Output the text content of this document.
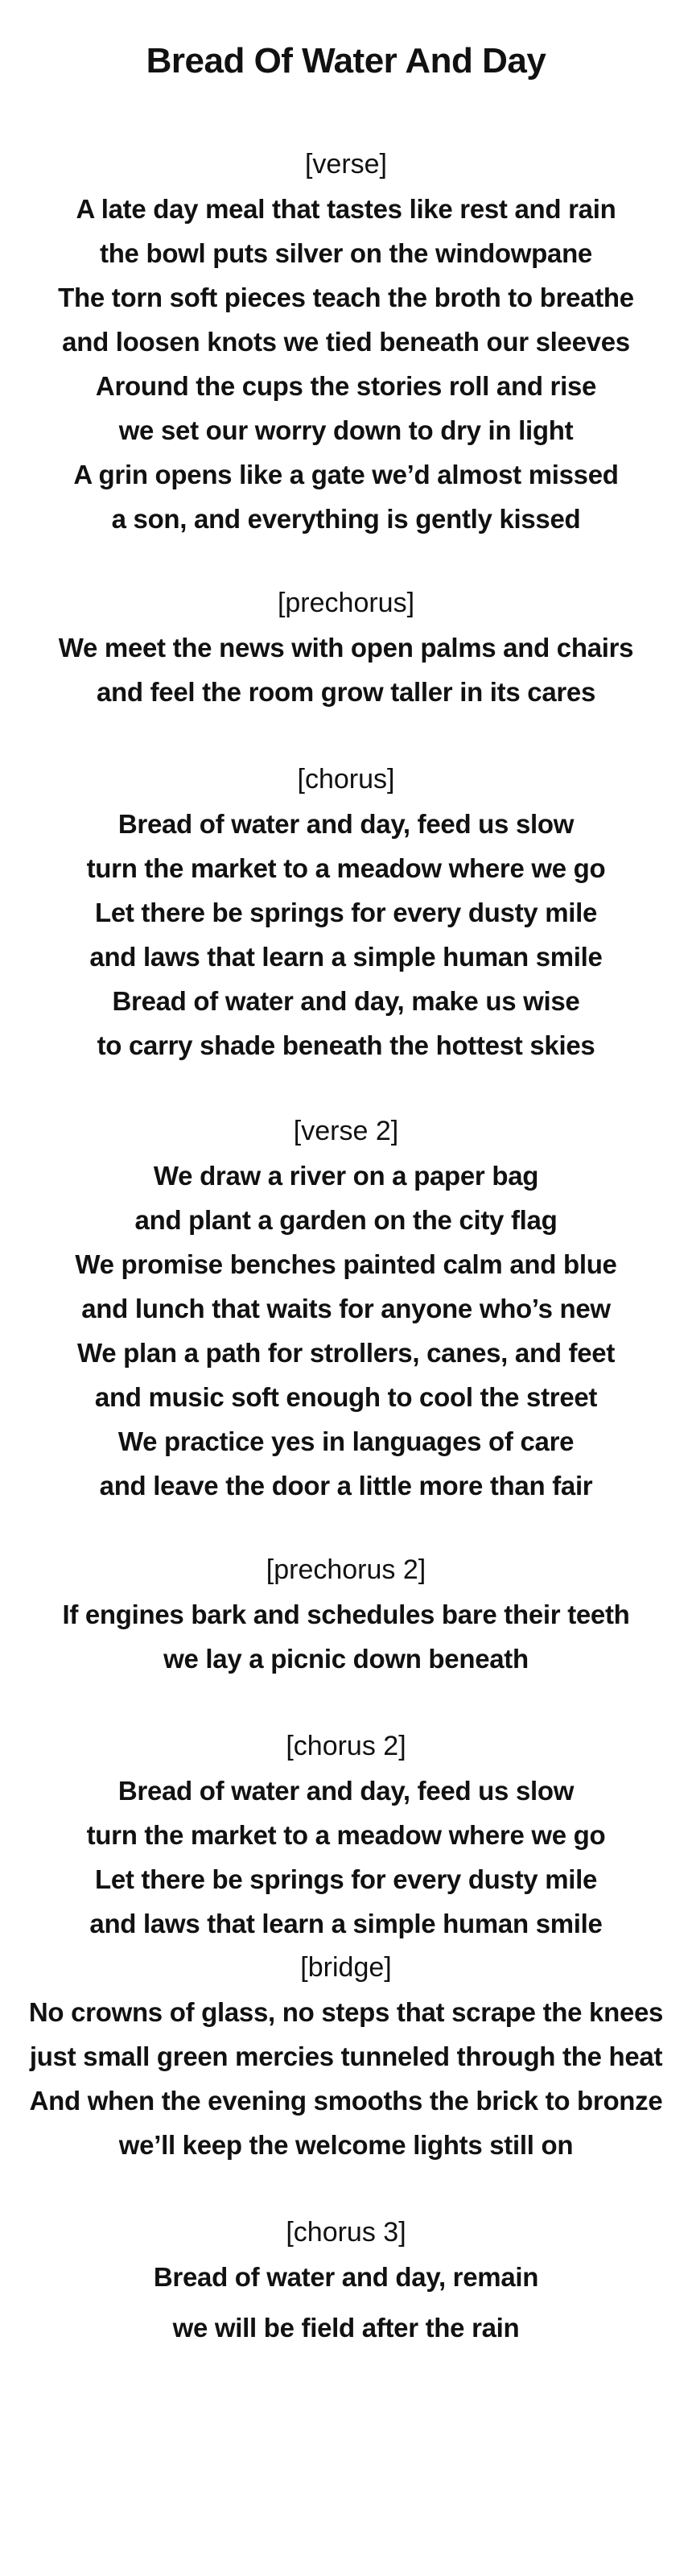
Bread Of Water And Day
[verse]
A late day meal that tastes like rest and rain
the bowl puts silver on the windowpane
The torn soft pieces teach the broth to breathe
and loosen knots we tied beneath our sleeves
Around the cups the stories roll and rise
we set our worry down to dry in light
A grin opens like a gate we’d almost missed
a son, and everything is gently kissed
[prechorus]
We meet the news with open palms and chairs
and feel the room grow taller in its cares
[chorus]
Bread of water and day, feed us slow
turn the market to a meadow where we go
Let there be springs for every dusty mile
and laws that learn a simple human smile
Bread of water and day, make us wise
to carry shade beneath the hottest skies
[verse 2]
We draw a river on a paper bag
and plant a garden on the city flag
We promise benches painted calm and blue
and lunch that waits for anyone who’s new
We plan a path for strollers, canes, and feet
and music soft enough to cool the street
We practice yes in languages of care
and leave the door a little more than fair
[prechorus 2]
If engines bark and schedules bare their teeth
we lay a picnic down beneath
[chorus 2]
Bread of water and day, feed us slow
turn the market to a meadow where we go
Let there be springs for every dusty mile
and laws that learn a simple human smile
[bridge]
No crowns of glass, no steps that scrape the knees
just small green mercies tunneled through the heat
And when the evening smooths the brick to bronze
we’ll keep the welcome lights still on
[chorus 3]
Bread of water and day, remain
we will be field after the rain
